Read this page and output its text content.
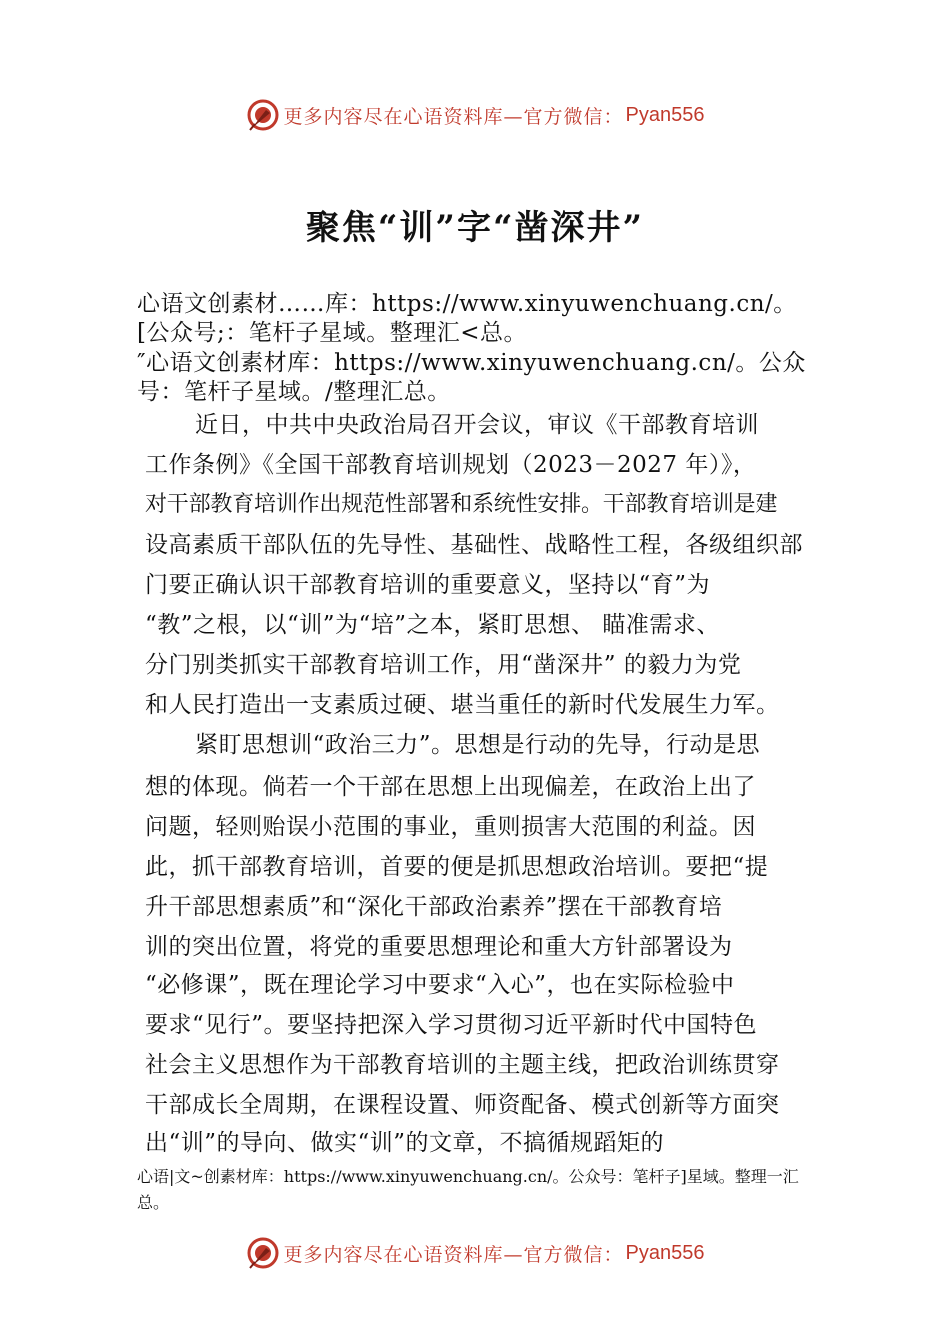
更多内容尽在心语资料库—官方微信： Pyan556
聚焦“训”字“凿深井”
心语文创素材……库：https://www.xinyuwenchuang.cn/。
[公众号;：笔杆子星域。整理汇<总。
″心语文创素材库：https://www.xinyuwenchuang.cn/。公众
号：笔杆子星域。/整理汇总。
近日，中共中央政治局召开会议，审议《干部教育培训
工作条例》《全国干部教育培训规划（2023－2027 年）》，
对干部教育培训作出规范性部署和系统性安排。干部教育培训是建
设高素质干部队伍的先导性、基础性、战略性工程，各级组织部
门要正确认识干部教育培训的重要意义，坚持以“育”为
“教”之根，以“训”为“培”之本，紧盯思想、 瞄准需求、
分门别类抓实干部教育培训工作，用“凿深井” 的毅力为党
和人民打造出一支素质过硬、堪当重任的新时代发展生力军。
紧盯思想训“政治三力”。思想是行动的先导，行动是思
想的体现。倘若一个干部在思想上出现偏差，在政治上出了
问题，轻则贻误小范围的事业，重则损害大范围的利益。因
此，抓干部教育培训，首要的便是抓思想政治培训。要把“提
升干部思想素质”和“深化干部政治素养”摆在干部教育培
训的突出位置，将党的重要思想理论和重大方针部署设为
“必修课”，既在理论学习中要求“入心”，也在实际检验中
要求“见行”。要坚持把深入学习贯彻习近平新时代中国特色
社会主义思想作为干部教育培训的主题主线，把政治训练贯穿
干部成长全周期，在课程设置、师资配备、模式创新等方面突
出“训”的导向、做实“训”的文章，不搞循规蹈矩的
心语|文~创素材库：https://www.xinyuwenchuang.cn/。公众号：笔杆子]星域。整理一汇
总。
更多内容尽在心语资料库—官方微信： Pyan556
